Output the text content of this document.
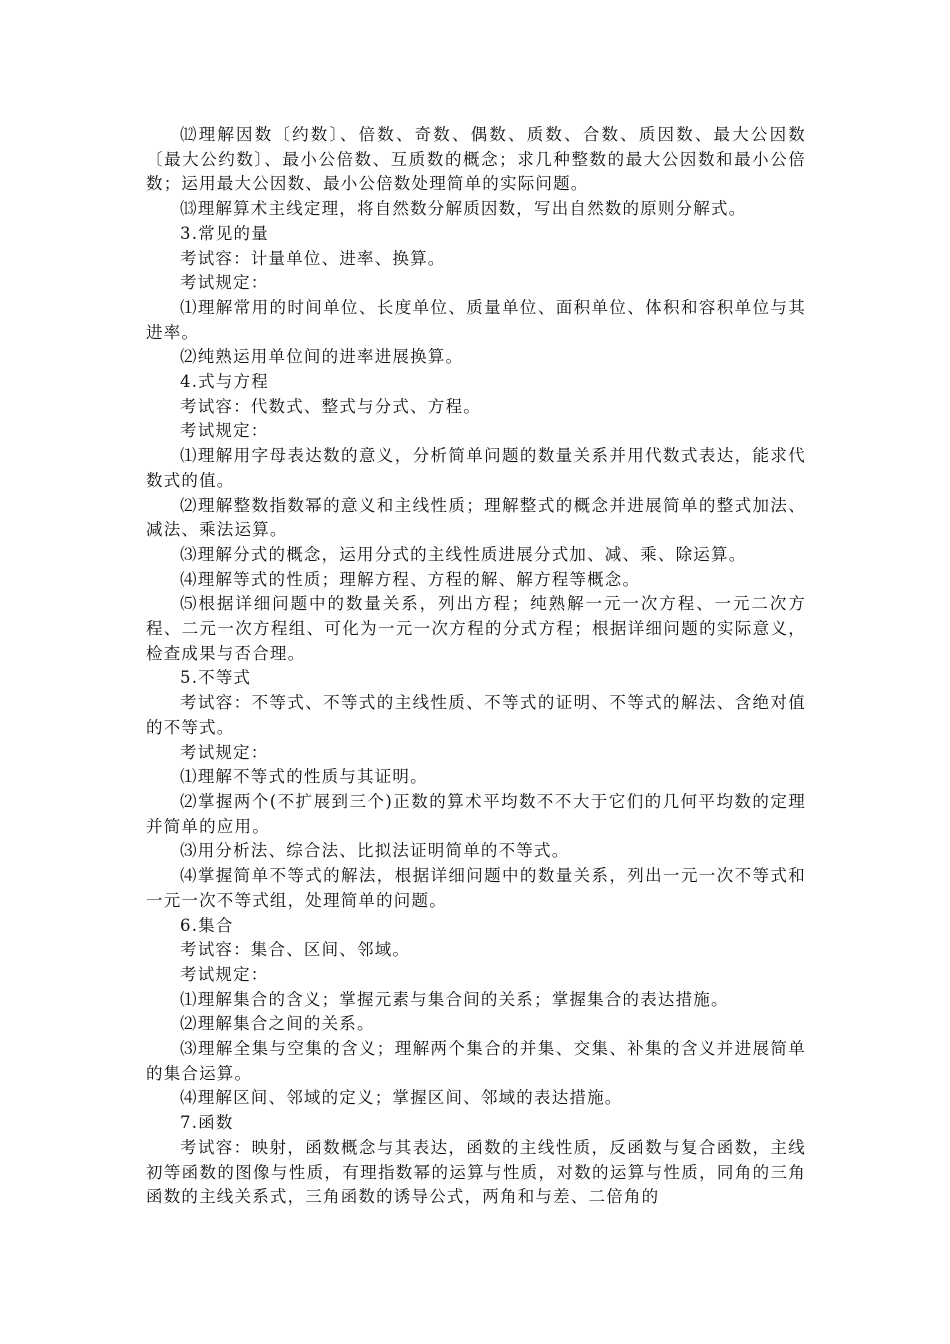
⑿理解因数〔约数〕、倍数、奇数、偶数、质数、合数、质因数、最大公因数〔最大公约数〕、最小公倍数、互质数的概念；求几种整数的最大公因数和最小公倍数；运用最大公因数、最小公倍数处理简单的实际问题。

⒀理解算术主线定理，将自然数分解质因数，写出自然数的原则分解式。

3.常见的量

考试容：计量单位、进率、换算。

考试规定：

⑴理解常用的时间单位、长度单位、质量单位、面积单位、体积和容积单位与其进率。

⑵纯熟运用单位间的进率进展换算。

4.式与方程

考试容：代数式、整式与分式、方程。

考试规定：

⑴理解用字母表达数的意义，分析简单问题的数量关系并用代数式表达，能求代数式的值。

⑵理解整数指数幂的意义和主线性质；理解整式的概念并进展简单的整式加法、减法、乘法运算。

⑶理解分式的概念，运用分式的主线性质进展分式加、减、乘、除运算。

⑷理解等式的性质；理解方程、方程的解、解方程等概念。

⑸根据详细问题中的数量关系，列出方程；纯熟解一元一次方程、一元二次方程、二元一次方程组、可化为一元一次方程的分式方程；根据详细问题的实际意义，检查成果与否合理。

5.不等式

考试容：不等式、不等式的主线性质、不等式的证明、不等式的解法、含绝对值的不等式。

考试规定：

⑴理解不等式的性质与其证明。

⑵掌握两个(不扩展到三个)正数的算术平均数不不大于它们的几何平均数的定理并简单的应用。

⑶用分析法、综合法、比拟法证明简单的不等式。

⑷掌握简单不等式的解法，根据详细问题中的数量关系，列出一元一次不等式和一元一次不等式组，处理简单的问题。

6.集合

考试容：集合、区间、邻域。

考试规定：

⑴理解集合的含义；掌握元素与集合间的关系；掌握集合的表达措施。

⑵理解集合之间的关系。

⑶理解全集与空集的含义；理解两个集合的并集、交集、补集的含义并进展简单的集合运算。

⑷理解区间、邻域的定义；掌握区间、邻域的表达措施。

7.函数

考试容：映射，函数概念与其表达，函数的主线性质，反函数与复合函数，主线初等函数的图像与性质，有理指数幂的运算与性质，对数的运算与性质，同角的三角函数的主线关系式，三角函数的诱导公式，两角和与差、二倍角的
